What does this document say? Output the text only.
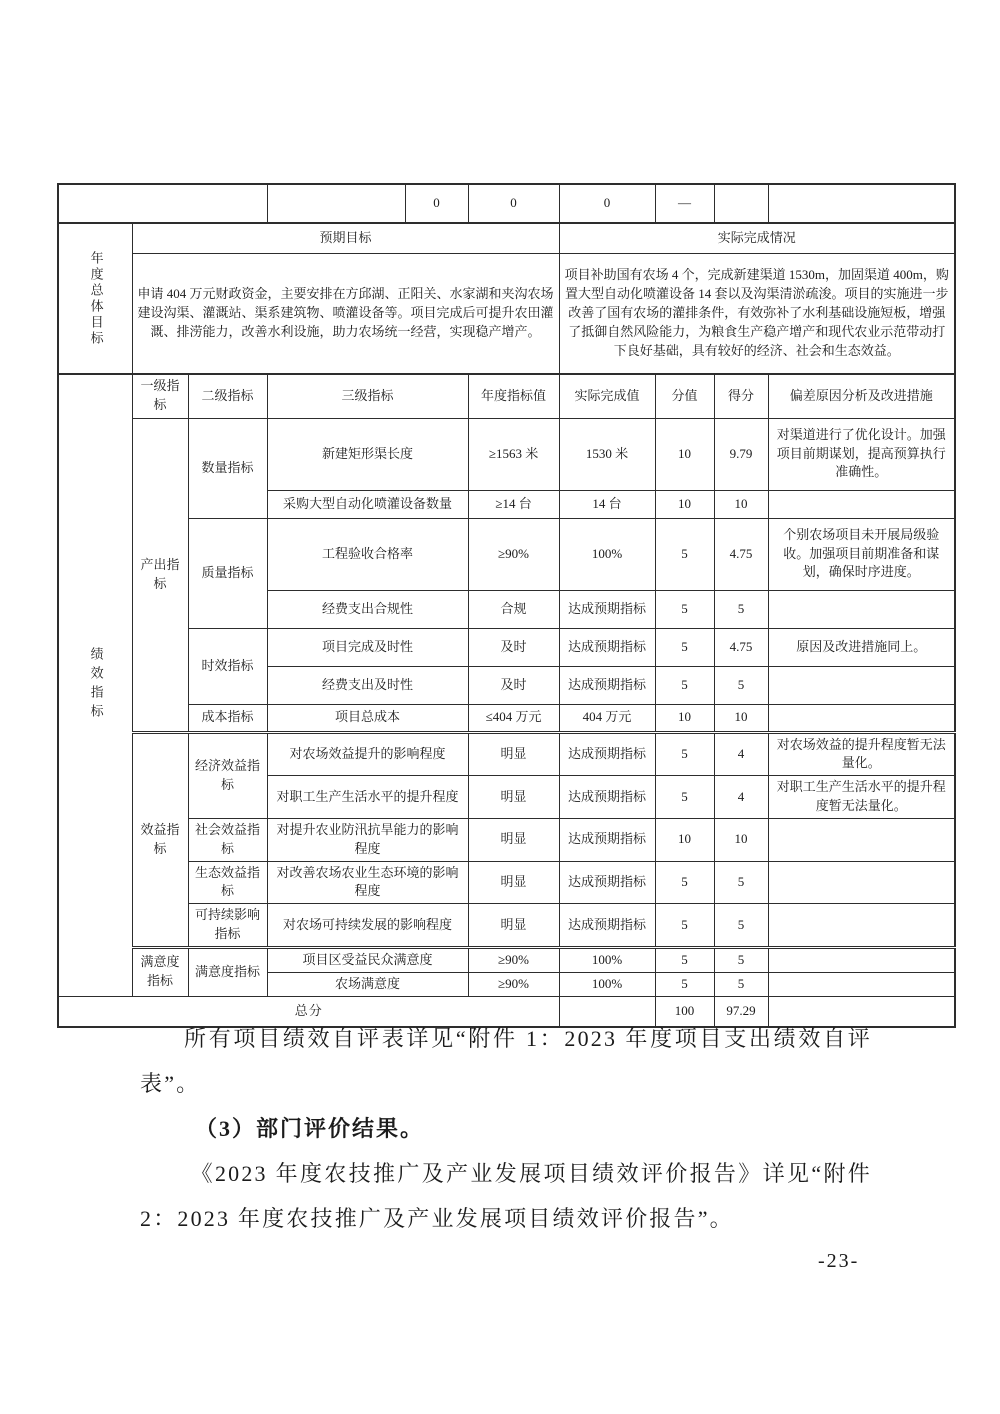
				0	0	0	—		

年度总体目标	预期目标					实际完成情况			
	申请 404 万元财政资金，主要安排在方邱湖、正阳关、水家湖和夹沟农场建设沟渠、灌溉站、渠系建筑物、喷灌设备等。项目完成后可提升农田灌溉、排涝能力，改善水利设施，助力农场统一经营，实现稳产增产。					项目补助国有农场 4 个，完成新建渠道 1530m，加固渠道 400m，购置大型自动化喷灌设备 14 套以及沟渠清淤疏浚。项目的实施进一步改善了国有农场的灌排条件，有效弥补了水利基础设施短板，增强了抵御自然风险能力，为粮食生产稳产增产和现代农业示范带动打下良好基础，具有较好的经济、社会和生态效益。			

绩效指标	一级指标	二级指标	三级指标		年度指标值	实际完成值	分值	得分	偏差原因分析及改进措施
	产出指标	数量指标	新建矩形渠长度		≥1563 米	1530 米	10	9.79	对渠道进行了优化设计。加强项目前期谋划，提高预算执行准确性。
			采购大型自动化喷灌设备数量		≥14 台	14 台	10	10	
		质量指标	工程验收合格率		≥90%	100%	5	4.75	个别农场项目未开展局级验收。加强项目前期准备和谋划，确保时序进度。
			经费支出合规性		合规	达成预期指标	5	5	
		时效指标	项目完成及时性		及时	达成预期指标	5	4.75	原因及改进措施同上。
			经费支出及时性		及时	达成预期指标	5	5	
		成本指标	项目总成本		≤404 万元	404 万元	10	10	
	效益指标	经济效益指标	对农场效益提升的影响程度		明显	达成预期指标	5	4	对农场效益的提升程度暂无法量化。
			对职工生产生活水平的提升程度		明显	达成预期指标	5	4	对职工生产生活水平的提升程度暂无法量化。
		社会效益指标	对提升农业防汛抗旱能力的影响程度		明显	达成预期指标	10	10	
		生态效益指标	对改善农场农业生态环境的影响程度		明显	达成预期指标	5	5	
		可持续影响指标	对农场可持续发展的影响程度		明显	达成预期指标	5	5	
	满意度指标	满意度指标	项目区受益民众满意度		≥90%	100%	5	5	
			农场满意度		≥90%	100%	5	5	
总分							100	97.29	

所有项目绩效自评表详见“附件 1：2023 年度项目支出绩效自评表”。

（3）部门评价结果。

《2023 年度农技推广及产业发展项目绩效评价报告》详见“附件 2：2023 年度农技推广及产业发展项目绩效评价报告”。

-23-
